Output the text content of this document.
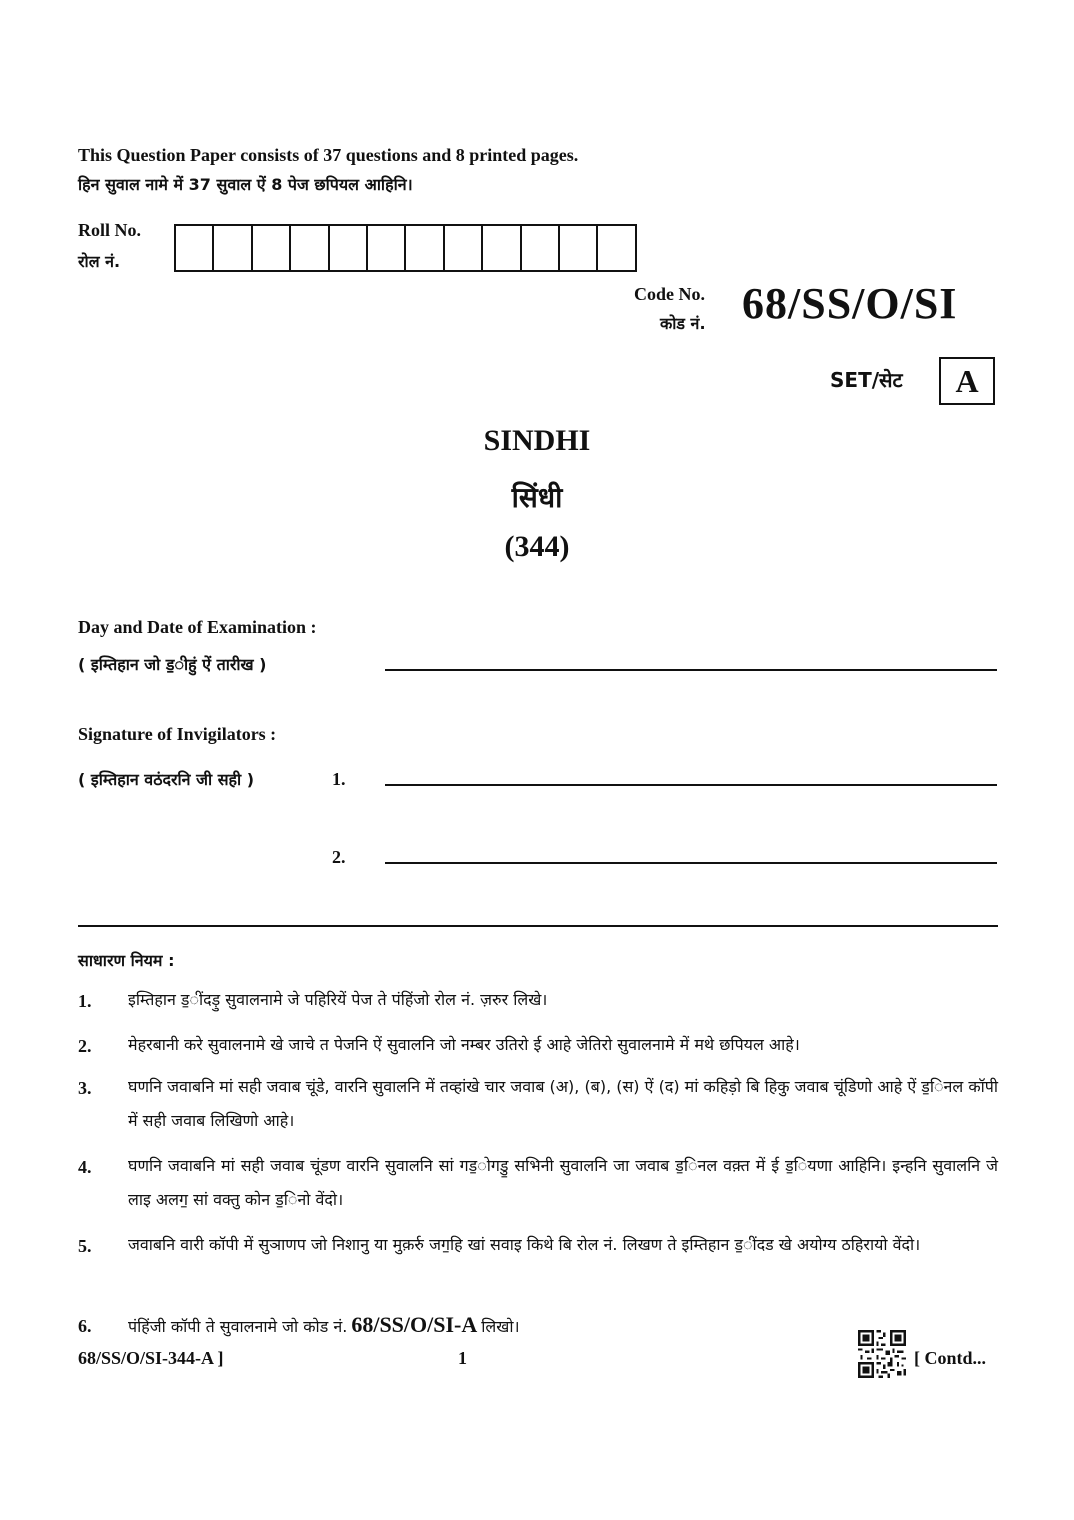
This Question Paper consists of 37 questions and 8 printed pages.
हिन सुवाल नामे में 37 सुवाल ऐं 8 पेज छपियल आहिनि।
Roll No.
रोल नं.
Code No.
कोड नं. 68/SS/O/SI
SET/सेट	A
SINDHI
सिंधी
(344)
Day and Date of Examination :
( इम्तिहान जो ड॒ीहुं ऐं तारीख )
Signature of Invigilators :
( इम्तिहान वठंदरनि जी सही )	1.
2.
साधारण नियम :
1. इम्तिहान ड॒ींदड़ु सुवालनामे जे पहिरियें पेज ते पंहिंजो रोल नं. ज़रुर लिखे।
2. मेहरबानी करे सुवालनामे खे जाचे त पेजनि ऐं सुवालनि जो नम्बर उतिरो ई आहे जेतिरो सुवालनामे में मथे छपियल आहे।
3. घणनि जवाबनि मां सही जवाब चूंडे, वारनि सुवालनि में तव्हांखे चार जवाब (अ), (ब), (स) ऐं (द) मां कहिड़ो बि हिकु जवाब चूंडिणो आहे ऐं ड॒िनल कॉपी में सही जवाब लिखिणो आहे।
4. घणनि जवाबनि मां सही जवाब चूंडण वारनि सुवालनि सां गड॒ोगडु॒ सभिनी सुवालनि जा जवाब ड॒िनल वक़्त में ई ड॒ियणा आहिनि। इन्हनि सुवालनि जे लाइ अलग॒ सां वक्तु कोन ड॒िनो वेंदो।
5. जवाबनि वारी कॉपी में सुञाणप जो निशानु या मुक़र्रु जग॒हि खां सवाइ किथे बि रोल नं. लिखण ते इम्तिहान ड॒ींदड खे अयोग्य ठहिरायो वेंदो।
6. पंहिंजी कॉपी ते सुवालनामे जो कोड नं. 68/SS/O/SI-A लिखो।
68/SS/O/SI-344-A ]	1	[ Contd...
